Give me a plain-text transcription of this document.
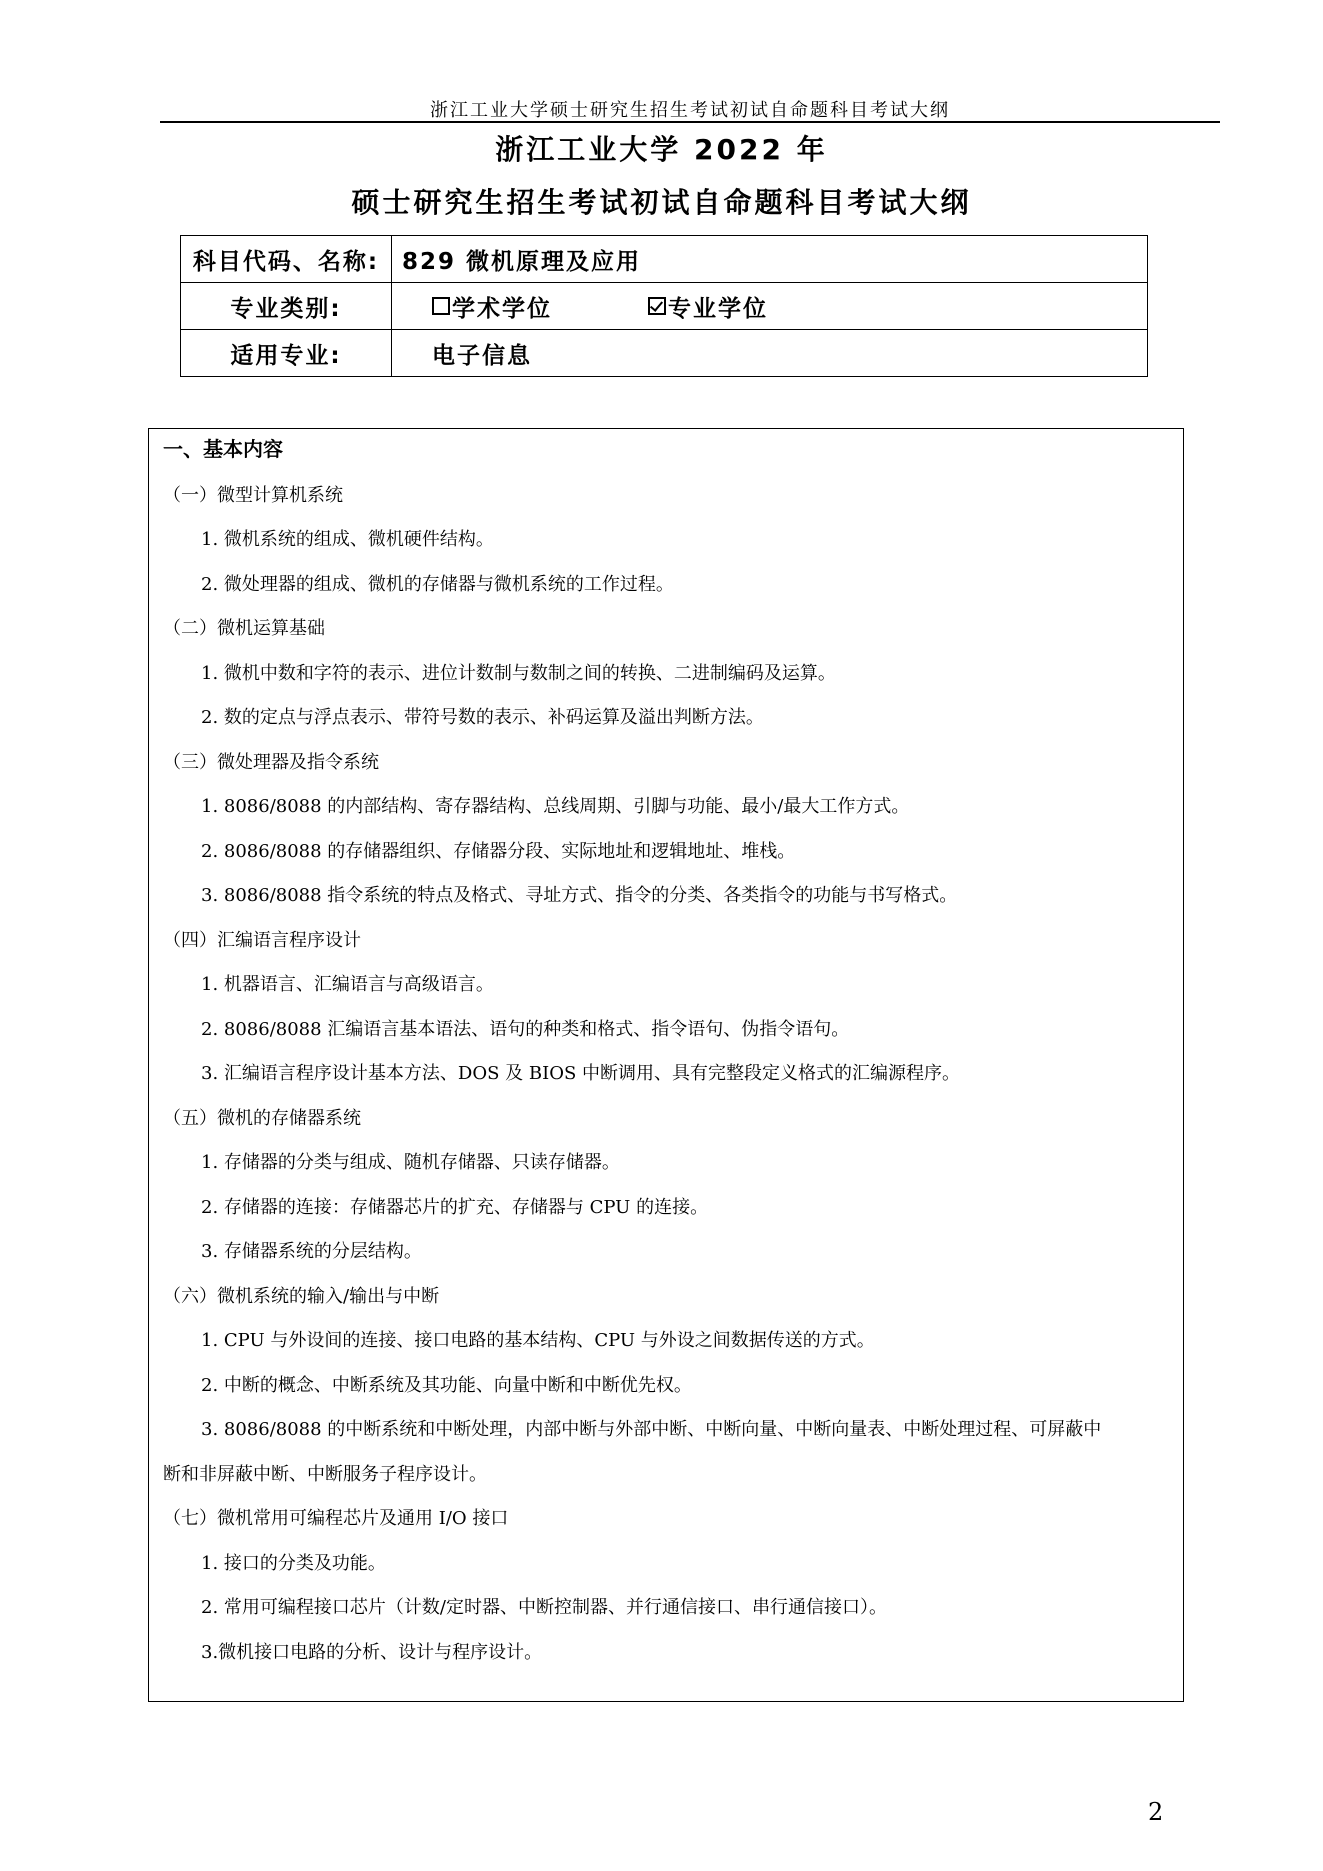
浙江工业大学硕士研究生招生考试初试自命题科目考试大纲
浙江工业大学 2022 年
硕士研究生招生考试初试自命题科目考试大纲
科目代码、名称:	829 微机原理及应用
专业类别:	学术学位
专业学位

适用专业:	电子信息
一、基本内容
（一）微型计算机系统
1. 微机系统的组成、微机硬件结构。
2. 微处理器的组成、微机的存储器与微机系统的工作过程。
（二）微机运算基础
1. 微机中数和字符的表示、进位计数制与数制之间的转换、二进制编码及运算。
2. 数的定点与浮点表示、带符号数的表示、补码运算及溢出判断方法。
（三）微处理器及指令系统
1. 8086/8088 的内部结构、寄存器结构、总线周期、引脚与功能、最小/最大工作方式。
2. 8086/8088 的存储器组织、存储器分段、实际地址和逻辑地址、堆栈。
3. 8086/8088 指令系统的特点及格式、寻址方式、指令的分类、各类指令的功能与书写格式。
（四）汇编语言程序设计
1. 机器语言、汇编语言与高级语言。
2. 8086/8088 汇编语言基本语法、语句的种类和格式、指令语句、伪指令语句。
3. 汇编语言程序设计基本方法、DOS 及 BIOS 中断调用、具有完整段定义格式的汇编源程序。
（五）微机的存储器系统
1. 存储器的分类与组成、随机存储器、只读存储器。
2. 存储器的连接：存储器芯片的扩充、存储器与 CPU 的连接。
3. 存储器系统的分层结构。
（六）微机系统的输入/输出与中断
1. CPU 与外设间的连接、接口电路的基本结构、CPU 与外设之间数据传送的方式。
2. 中断的概念、中断系统及其功能、向量中断和中断优先权。
3. 8086/8088 的中断系统和中断处理，内部中断与外部中断、中断向量、中断向量表、中断处理过程、可屏蔽中
断和非屏蔽中断、中断服务子程序设计。
（七）微机常用可编程芯片及通用 I/O 接口
1. 接口的分类及功能。
2. 常用可编程接口芯片（计数/定时器、中断控制器、并行通信接口、串行通信接口）。
3.微机接口电路的分析、设计与程序设计。
2
